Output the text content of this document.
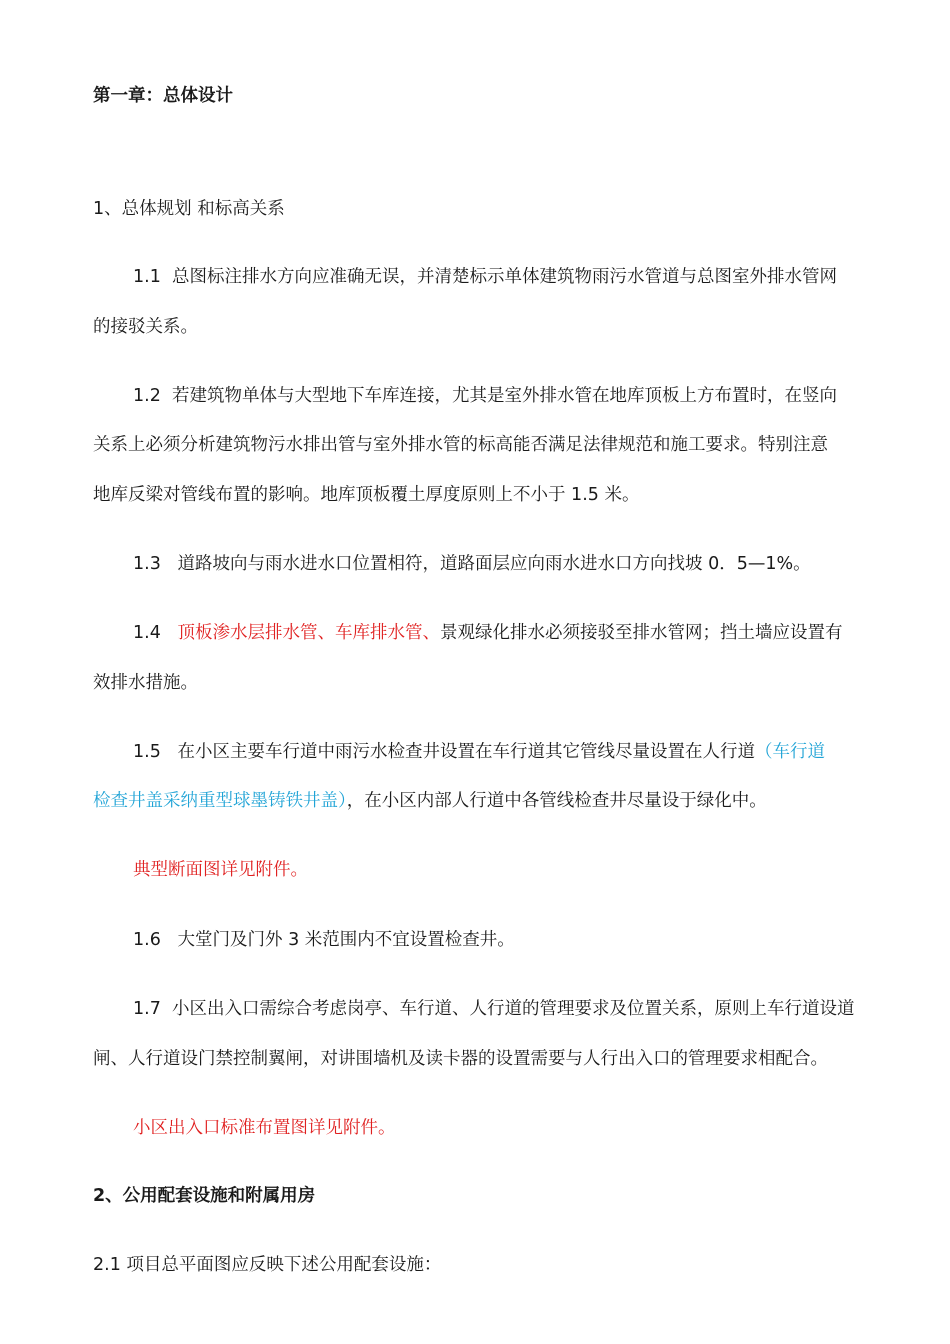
第一章：总体设计
1、总体规划 和标高关系
1.1 总图标注排水方向应准确无误，并清楚标示单体建筑物雨污水管道与总图室外排水管网
的接驳关系。
1.2 若建筑物单体与大型地下车库连接，尤其是室外排水管在地库顶板上方布置时，在竖向
关系上必须分析建筑物污水排出管与室外排水管的标高能否满足法律规范和施工要求。特别注意
地库反梁对管线布置的影响。地库顶板覆土厚度原则上不小于 1.5 米。
1.3 道路坡向与雨水进水口位置相符，道路面层应向雨水进水口方向找坡 0．5—1%。
1.4 顶板渗水层排水管、车库排水管、景观绿化排水必须接驳至排水管网；挡土墙应设置有
效排水措施。
1.5 在小区主要车行道中雨污水检查井设置在车行道其它管线尽量设置在人行道（车行道
检查井盖采纳重型球墨铸铁井盖），在小区内部人行道中各管线检查井尽量设于绿化中。
典型断面图详见附件。
1.6 大堂门及门外 3 米范围内不宜设置检查井。
1.7 小区出入口需综合考虑岗亭、车行道、人行道的管理要求及位置关系，原则上车行道设道
闸、人行道设门禁控制翼闸，对讲围墙机及读卡器的设置需要与人行出入口的管理要求相配合。
小区出入口标准布置图详见附件。
2、公用配套设施和附属用房
2.1 项目总平面图应反映下述公用配套设施：
